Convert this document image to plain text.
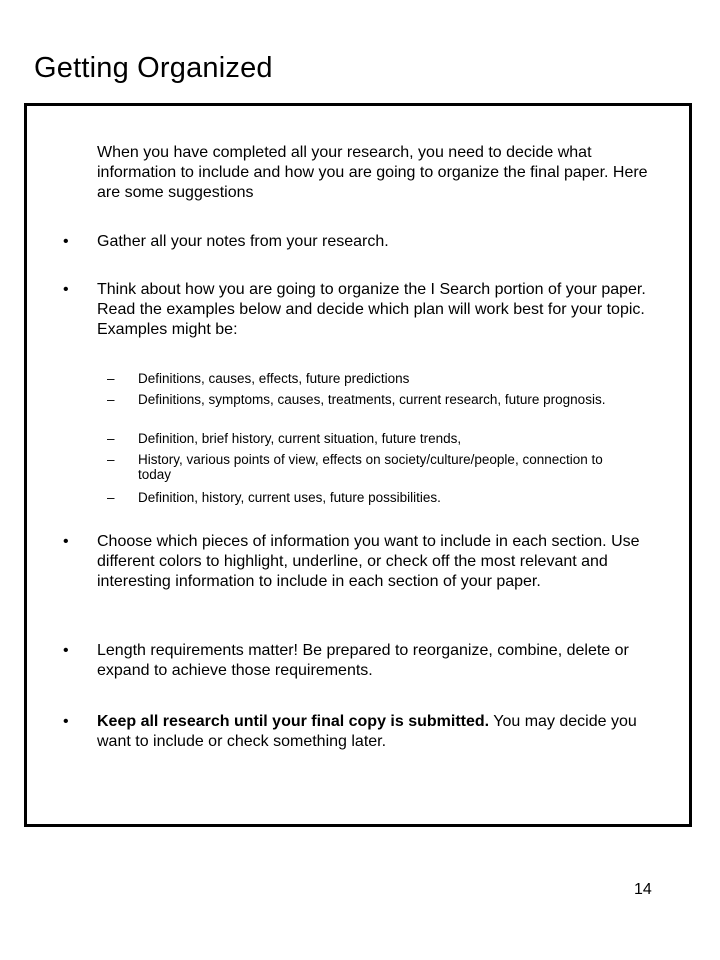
Getting Organized

When you have completed all your research, you need to decide what information to include and how you are going to organize the final paper. Here are some suggestions

•	Gather all your notes from your research.
•	Think about how you are going to organize the I Search portion of your paper. Read the examples below and decide which plan will work best for your topic. Examples might be:
–	Definitions, causes, effects, future predictions
–	Definitions, symptoms, causes, treatments, current research, future prognosis.
–	Definition, brief history, current situation, future trends,
–	History, various points of view, effects on society/culture/people, connection to today
–	Definition, history, current uses, future possibilities.
•	Choose which pieces of information you want to include in each section. Use different colors to highlight, underline, or check off the most relevant and interesting information to include in each section of your paper.
•	Length requirements matter! Be prepared to reorganize, combine, delete or expand to achieve those requirements.
•	Keep all research until your final copy is submitted. You may decide you want to include or check something later.
14
